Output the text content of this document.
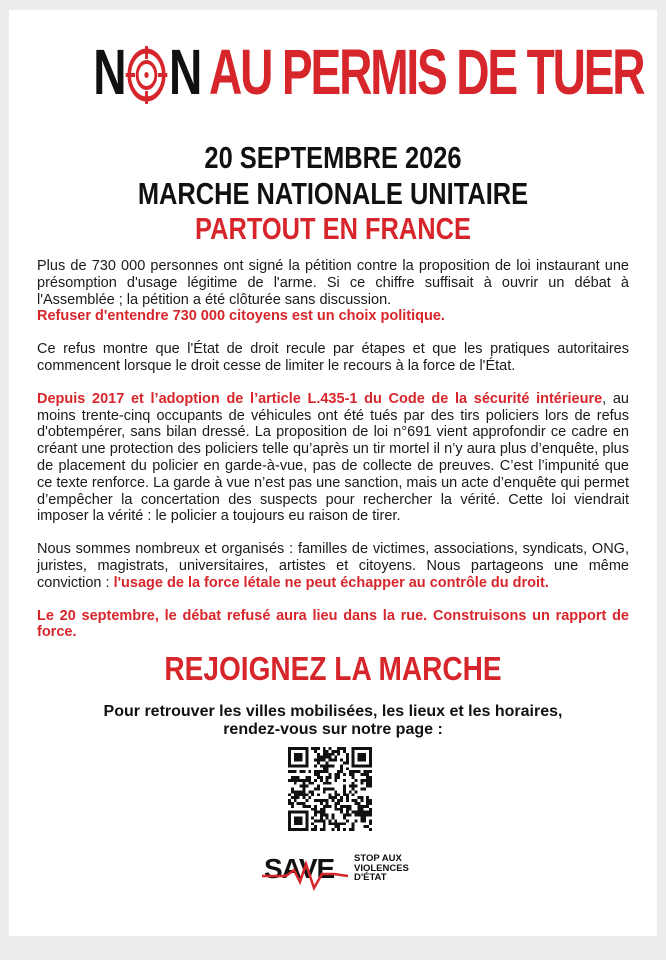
N N AU PERMIS DE TUER
20 SEPTEMBRE 2026
MARCHE NATIONALE UNITAIRE
PARTOUT EN FRANCE

Plus de 730 000 personnes ont signé la pétition contre la proposition de loi instaurant une présomption d'usage légitime de l'arme. Si ce chiffre suffisait à ouvrir un débat à l'Assemblée ; la pétition a été clôturée sans discussion.
Refuser d'entendre 730 000 citoyens est un choix politique.

Ce refus montre que l'État de droit recule par étapes et que les pratiques autoritaires commencent lorsque le droit cesse de limiter le recours à la force de l'État.

Depuis 2017 et l’adoption de l’article L.435-1 du Code de la sécurité intérieure, au moins trente-cinq occupants de véhicules ont été tués par des tirs policiers lors de refus d'obtempérer, sans bilan dressé. La proposition de loi n°691 vient approfondir ce cadre en créant une protection des policiers telle qu’après un tir mortel il n’y aura plus d’enquête, plus de placement du policier en garde-à-vue, pas de collecte de preuves. C’est l’impunité que ce texte renforce. La garde à vue n’est pas une sanction, mais un acte d’enquête qui permet d’empêcher la concertation des suspects pour rechercher la vérité. Cette loi viendrait imposer la vérité : le policier a toujours eu raison de tirer.

Nous sommes nombreux et organisés : familles de victimes, associations, syndicats, ONG, juristes, magistrats, universitaires, artistes et citoyens. Nous partageons une même conviction : l'usage de la force létale ne peut échapper au contrôle du droit.

Le 20 septembre, le débat refusé aura lieu dans la rue. Construisons un rapport de force.

REJOIGNEZ LA MARCHE
Pour retrouver les villes mobilisées, les lieux et les horaires,
rendez-vous sur notre page :
SAVE STOP AUX
VIOLENCES
D'ÉTAT
